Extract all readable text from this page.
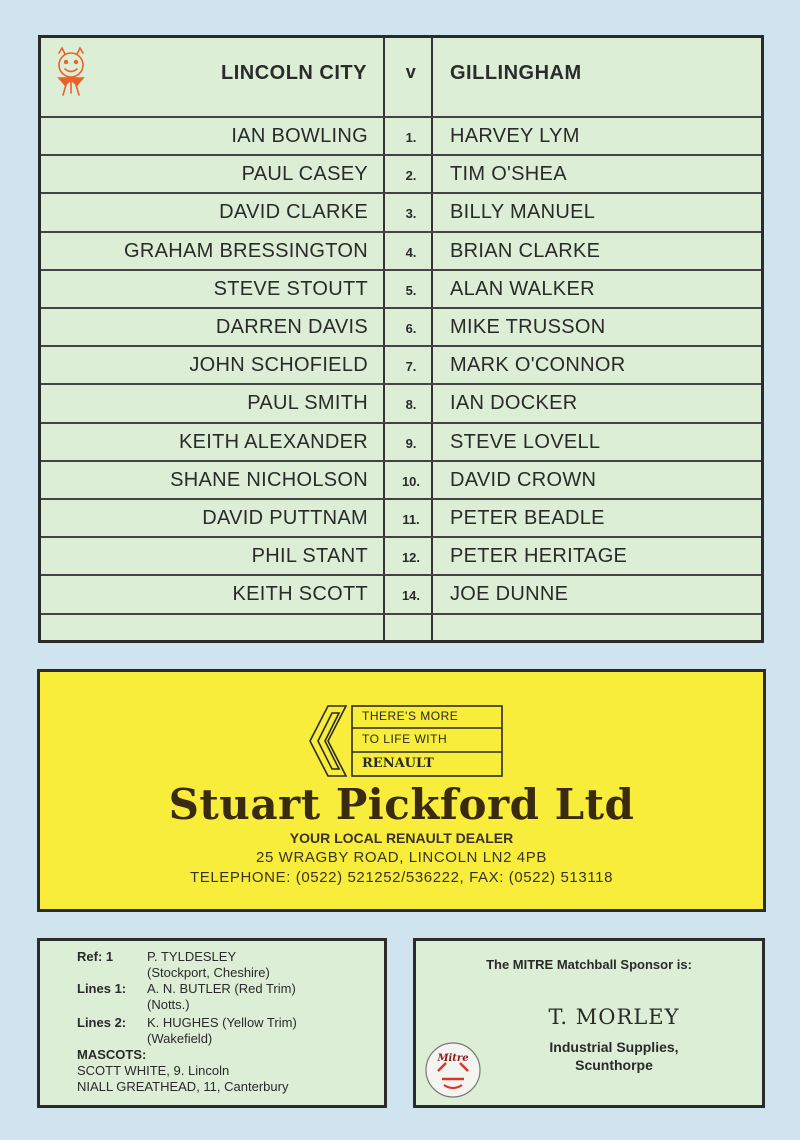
LINCOLN CITY	v	GILLINGHAM
IAN BOWLING	1.	HARVEY LYM
PAUL CASEY	2.	TIM O'SHEA
DAVID CLARKE	3.	BILLY MANUEL
GRAHAM BRESSINGTON	4.	BRIAN CLARKE
STEVE STOUTT	5.	ALAN WALKER
DARREN DAVIS	6.	MIKE TRUSSON
JOHN SCHOFIELD	7.	MARK O'CONNOR
PAUL SMITH	8.	IAN DOCKER
KEITH ALEXANDER	9.	STEVE LOVELL
SHANE NICHOLSON	10.	DAVID CROWN
DAVID PUTTNAM	11.	PETER BEADLE
PHIL STANT	12.	PETER HERITAGE
KEITH SCOTT	14.	JOE DUNNE
THERE'S MORE
TO LIFE WITH
RENAULT
Stuart Pickford Ltd
YOUR LOCAL RENAULT DEALER
25 WRAGBY ROAD, LINCOLN LN2 4PB
TELEPHONE: (0522) 521252/536222, FAX: (0522) 513118
Ref: 1	P. TYLDESLEY
(Stockport, Cheshire)
Lines 1: A. N. BUTLER (Red Trim)
(Notts.)
Lines 2: K. HUGHES (Yellow Trim)
(Wakefield)
MASCOTS:
SCOTT WHITE, 9. Lincoln
NIALL GREATHEAD, 11, Canterbury
The MITRE Matchball Sponsor is:
T. MORLEY
Industrial Supplies,
Scunthorpe
Mitre
